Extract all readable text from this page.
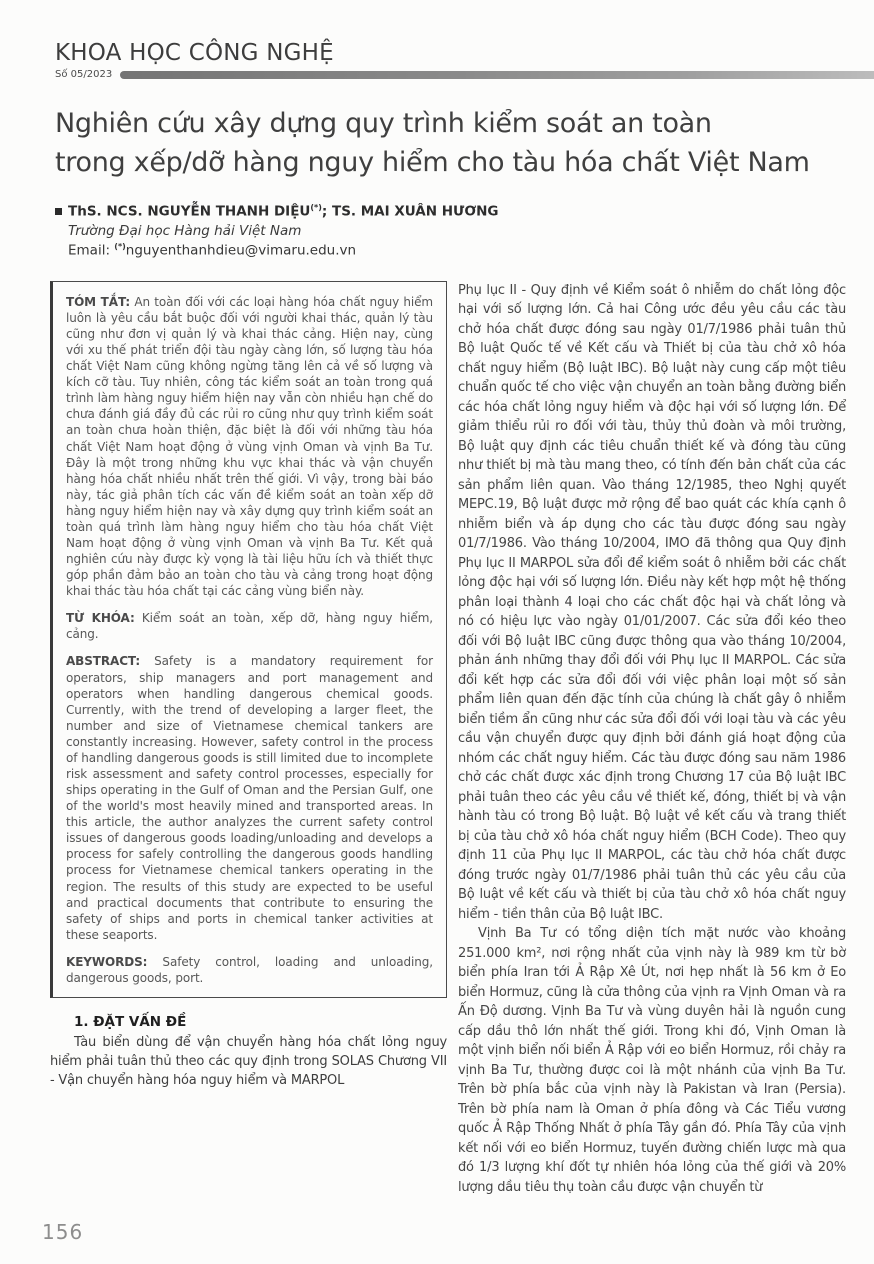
KHOA HỌC CÔNG NGHỆ
Số 05/2023
Nghiên cứu xây dựng quy trình kiểm soát an toàn
trong xếp/dỡ hàng nguy hiểm cho tàu hóa chất Việt Nam
ThS. NCS. NGUYỄN THANH DIỆU(*); TS. MAI XUÂN HƯƠNG
Trường Đại học Hàng hải Việt Nam
Email: (*)nguyenthanhdieu@vimaru.edu.vn

TÓM TẮT: An toàn đối với các loại hàng hóa chất nguy hiểm luôn là yêu cầu bắt buộc đối với người khai thác, quản lý tàu cũng như đơn vị quản lý và khai thác cảng. Hiện nay, cùng với xu thế phát triển đội tàu ngày càng lớn, số lượng tàu hóa chất Việt Nam cũng không ngừng tăng lên cả về số lượng và kích cỡ tàu. Tuy nhiên, công tác kiểm soát an toàn trong quá trình làm hàng nguy hiểm hiện nay vẫn còn nhiều hạn chế do chưa đánh giá đầy đủ các rủi ro cũng như quy trình kiểm soát an toàn chưa hoàn thiện, đặc biệt là đối với những tàu hóa chất Việt Nam hoạt động ở vùng vịnh Oman và vịnh Ba Tư. Đây là một trong những khu vực khai thác và vận chuyển hàng hóa chất nhiều nhất trên thế giới. Vì vậy, trong bài báo này, tác giả phân tích các vấn đề kiểm soát an toàn xếp dỡ hàng nguy hiểm hiện nay và xây dựng quy trình kiểm soát an toàn quá trình làm hàng nguy hiểm cho tàu hóa chất Việt Nam hoạt động ở vùng vịnh Oman và vịnh Ba Tư. Kết quả nghiên cứu này được kỳ vọng là tài liệu hữu ích và thiết thực góp phần đảm bảo an toàn cho tàu và cảng trong hoạt động khai thác tàu hóa chất tại các cảng vùng biển này.

TỪ KHÓA: Kiểm soát an toàn, xếp dỡ, hàng nguy hiểm, cảng.

ABSTRACT: Safety is a mandatory requirement for operators, ship managers and port management and operators when handling dangerous chemical goods. Currently, with the trend of developing a larger fleet, the number and size of Vietnamese chemical tankers are constantly increasing. However, safety control in the process of handling dangerous goods is still limited due to incomplete risk assessment and safety control processes, especially for ships operating in the Gulf of Oman and the Persian Gulf, one of the world's most heavily mined and transported areas. In this article, the author analyzes the current safety control issues of dangerous goods loading/unloading and develops a process for safely controlling the dangerous goods handling process for Vietnamese chemical tankers operating in the region. The results of this study are expected to be useful and practical documents that contribute to ensuring the safety of ships and ports in chemical tanker activities at these seaports.

KEYWORDS: Safety control, loading and unloading, dangerous goods, port.

1. ĐẶT VẤN ĐỀ

Tàu biển dùng để vận chuyển hàng hóa chất lỏng nguy hiểm phải tuân thủ theo các quy định trong SOLAS Chương VII - Vận chuyển hàng hóa nguy hiểm và MARPOL

Phụ lục II - Quy định về Kiểm soát ô nhiễm do chất lỏng độc hại với số lượng lớn. Cả hai Công ước đều yêu cầu các tàu chở hóa chất được đóng sau ngày 01/7/1986 phải tuân thủ Bộ luật Quốc tế về Kết cấu và Thiết bị của tàu chở xô hóa chất nguy hiểm (Bộ luật IBC). Bộ luật này cung cấp một tiêu chuẩn quốc tế cho việc vận chuyển an toàn bằng đường biển các hóa chất lỏng nguy hiểm và độc hại với số lượng lớn. Để giảm thiểu rủi ro đối với tàu, thủy thủ đoàn và môi trường, Bộ luật quy định các tiêu chuẩn thiết kế và đóng tàu cũng như thiết bị mà tàu mang theo, có tính đến bản chất của các sản phẩm liên quan. Vào tháng 12/1985, theo Nghị quyết MEPC.19, Bộ luật được mở rộng để bao quát các khía cạnh ô nhiễm biển và áp dụng cho các tàu được đóng sau ngày 01/7/1986. Vào tháng 10/2004, IMO đã thông qua Quy định Phụ lục II MARPOL sửa đổi để kiểm soát ô nhiễm bởi các chất lỏng độc hại với số lượng lớn. Điều này kết hợp một hệ thống phân loại thành 4 loại cho các chất độc hại và chất lỏng và nó có hiệu lực vào ngày 01/01/2007. Các sửa đổi kéo theo đối với Bộ luật IBC cũng được thông qua vào tháng 10/2004, phản ánh những thay đổi đối với Phụ lục II MARPOL. Các sửa đổi kết hợp các sửa đổi đối với việc phân loại một số sản phẩm liên quan đến đặc tính của chúng là chất gây ô nhiễm biển tiềm ẩn cũng như các sửa đổi đối với loại tàu và các yêu cầu vận chuyển được quy định bởi đánh giá hoạt động của nhóm các chất nguy hiểm. Các tàu được đóng sau năm 1986 chở các chất được xác định trong Chương 17 của Bộ luật IBC phải tuân theo các yêu cầu về thiết kế, đóng, thiết bị và vận hành tàu có trong Bộ luật. Bộ luật về kết cấu và trang thiết bị của tàu chở xô hóa chất nguy hiểm (BCH Code). Theo quy định 11 của Phụ lục II MARPOL, các tàu chở hóa chất được đóng trước ngày 01/7/1986 phải tuân thủ các yêu cầu của Bộ luật về kết cấu và thiết bị của tàu chở xô hóa chất nguy hiểm - tiền thân của Bộ luật IBC.

Vịnh Ba Tư có tổng diện tích mặt nước vào khoảng 251.000 km², nơi rộng nhất của vịnh này là 989 km từ bờ biển phía Iran tới Ả Rập Xê Út, nơi hẹp nhất là 56 km ở Eo biển Hormuz, cũng là cửa thông của vịnh ra Vịnh Oman và ra Ấn Độ dương. Vịnh Ba Tư và vùng duyên hải là nguồn cung cấp dầu thô lớn nhất thế giới. Trong khi đó, Vịnh Oman là một vịnh biển nối biển Ả Rập với eo biển Hormuz, rồi chảy ra vịnh Ba Tư, thường được coi là một nhánh của vịnh Ba Tư. Trên bờ phía bắc của vịnh này là Pakistan và Iran (Persia). Trên bờ phía nam là Oman ở phía đông và Các Tiểu vương quốc Ả Rập Thống Nhất ở phía Tây gần đó. Phía Tây của vịnh kết nối với eo biển Hormuz, tuyến đường chiến lược mà qua đó 1/3 lượng khí đốt tự nhiên hóa lỏng của thế giới và 20% lượng dầu tiêu thụ toàn cầu được vận chuyển từ

156
